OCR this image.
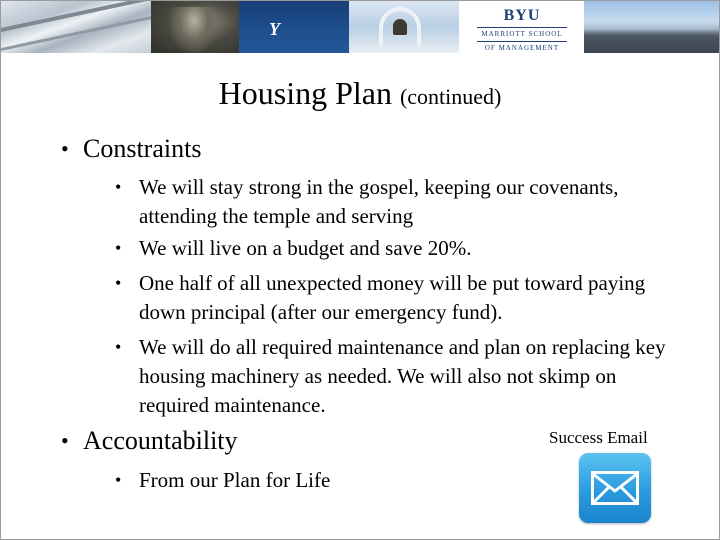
Y
BYU
MARRIOTT SCHOOL
OF MANAGEMENT
Housing Plan (continued)
• Constraints
• We will stay strong in the gospel, keeping our covenants, attending the temple and serving
• We will live on a budget and save 20%.
• One half of all unexpected money will be put toward paying down principal (after our emergency fund).
• We will do all required maintenance and plan on replacing key housing machinery as needed. We will also not skimp on required maintenance.
• Accountability
• From our Plan for Life
Success Email
